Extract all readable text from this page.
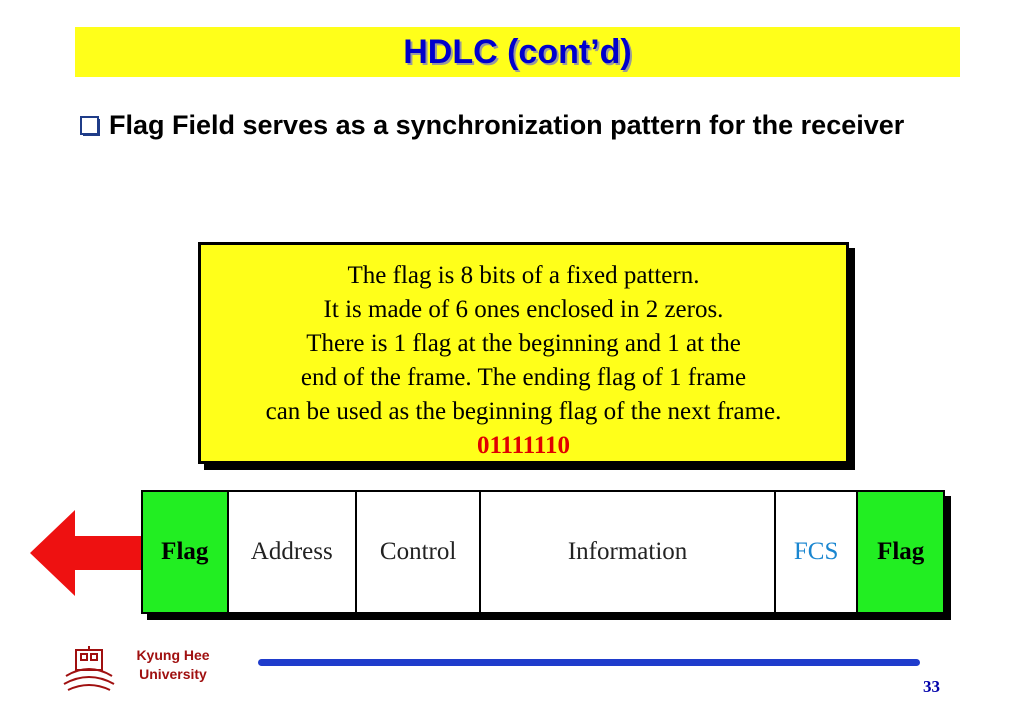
HDLC (cont’d)
Flag Field serves as a synchronization pattern for the receiver
The flag is 8 bits of a fixed pattern.
It is made of 6 ones enclosed in 2 zeros.
There is 1 flag at the beginning and 1 at the
end of the frame. The ending flag of 1 frame
can be used as the beginning flag of the next frame.
01111110
Flag Address Control	Information	FCS Flag
Kyung Hee
University
33
